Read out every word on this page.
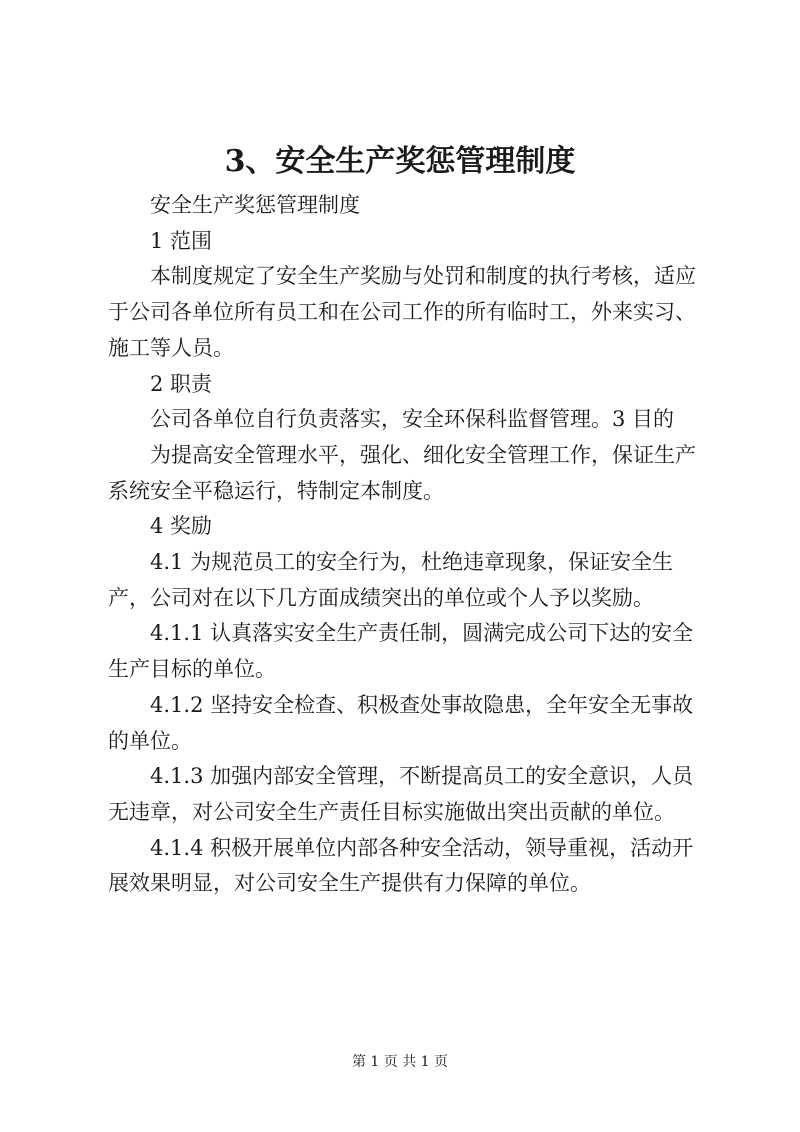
3、安全生产奖惩管理制度

安全生产奖惩管理制度

1 范围

本制度规定了安全生产奖励与处罚和制度的执行考核，适应于公司各单位所有员工和在公司工作的所有临时工，外来实习、施工等人员。

2 职责

公司各单位自行负责落实，安全环保科监督管理。3 目的

为提高安全管理水平，强化、细化安全管理工作，保证生产系统安全平稳运行，特制定本制度。

4 奖励

4.1 为规范员工的安全行为，杜绝违章现象，保证安全生产，公司对在以下几方面成绩突出的单位或个人予以奖励。

4.1.1 认真落实安全生产责任制，圆满完成公司下达的安全生产目标的单位。

4.1.2 坚持安全检查、积极查处事故隐患，全年安全无事故的单位。

4.1.3 加强内部安全管理，不断提高员工的安全意识，人员无违章，对公司安全生产责任目标实施做出突出贡献的单位。

4.1.4 积极开展单位内部各种安全活动，领导重视，活动开展效果明显，对公司安全生产提供有力保障的单位。

第 1 页 共 1 页
